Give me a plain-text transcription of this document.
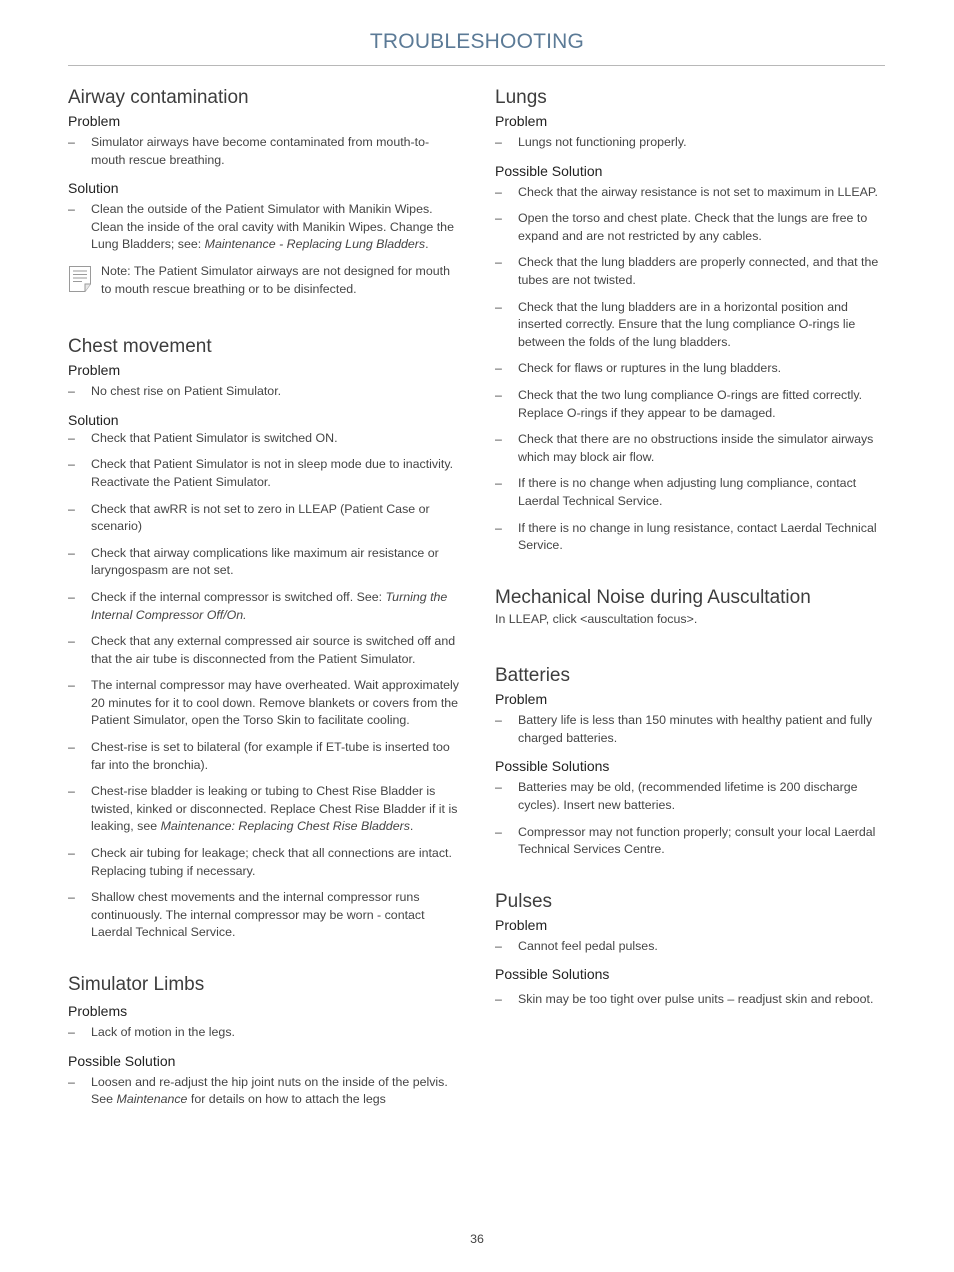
TROUBLESHOOTING
Airway contamination
Problem
– Simulator airways have become contaminated from mouth-to-mouth rescue breathing.
Solution
– Clean the outside of the Patient Simulator with Manikin Wipes. Clean the inside of the oral cavity with Manikin Wipes. Change the Lung Bladders; see: Maintenance - Replacing Lung Bladders.
Note: The Patient Simulator airways are not designed for mouth to mouth rescue breathing or to be disinfected.
Chest movement
Problem
– No chest rise on Patient Simulator.
Solution
– Check that Patient Simulator is switched ON.
– Check that Patient Simulator is not in sleep mode due to inactivity. Reactivate the Patient Simulator.
– Check that awRR is not set to zero in LLEAP (Patient Case or scenario)
– Check that airway complications like maximum air resistance or laryngospasm are not set.
– Check if the internal compressor is switched off. See: Turning the Internal Compressor Off/On.
– Check that any external compressed air source is switched off and that the air tube is disconnected from the Patient Simulator.
– The internal compressor may have overheated. Wait approximately 20 minutes for it to cool down. Remove blankets or covers from the Patient Simulator, open the Torso Skin to facilitate cooling.
– Chest-rise is set to bilateral (for example if ET-tube is inserted too far into the bronchia).
– Chest-rise bladder is leaking or tubing to Chest Rise Bladder is twisted, kinked or disconnected. Replace Chest Rise Bladder if it is leaking, see Maintenance: Replacing Chest Rise Bladders.
– Check air tubing for leakage; check that all connections are intact. Replacing tubing if necessary.
– Shallow chest movements and the internal compressor runs continuously. The internal compressor may be worn - contact Laerdal Technical Service.
Simulator Limbs
Problems
– Lack of motion in the legs.
Possible Solution
– Loosen and re-adjust the hip joint nuts on the inside of the pelvis. See Maintenance for details on how to attach the legs
Lungs
Problem
– Lungs not functioning properly.
Possible Solution
– Check that the airway resistance is not set to maximum in LLEAP.
– Open the torso and chest plate. Check that the lungs are free to expand and are not restricted by any cables.
– Check that the lung bladders are properly connected, and that the tubes are not twisted.
– Check that the lung bladders are in a horizontal position and inserted correctly. Ensure that the lung compliance O-rings lie between the folds of the lung bladders.
– Check for flaws or ruptures in the lung bladders.
– Check that the two lung compliance O-rings are fitted correctly. Replace O-rings if they appear to be damaged.
– Check that there are no obstructions inside the simulator airways which may block air flow.
– If there is no change when adjusting lung compliance, contact Laerdal Technical Service.
– If there is no change in lung resistance, contact Laerdal Technical Service.
Mechanical Noise during Auscultation

In LLEAP, click <auscultation focus>.

Batteries
Problem
– Battery life is less than 150 minutes with healthy patient and fully charged batteries.
Possible Solutions
– Batteries may be old, (recommended lifetime is 200 discharge cycles). Insert new batteries.
– Compressor may not function properly; consult your local Laerdal Technical Services Centre.
Pulses
Problem
– Cannot feel pedal pulses.
Possible Solutions
– Skin may be too tight over pulse units – readjust skin and reboot.
36
